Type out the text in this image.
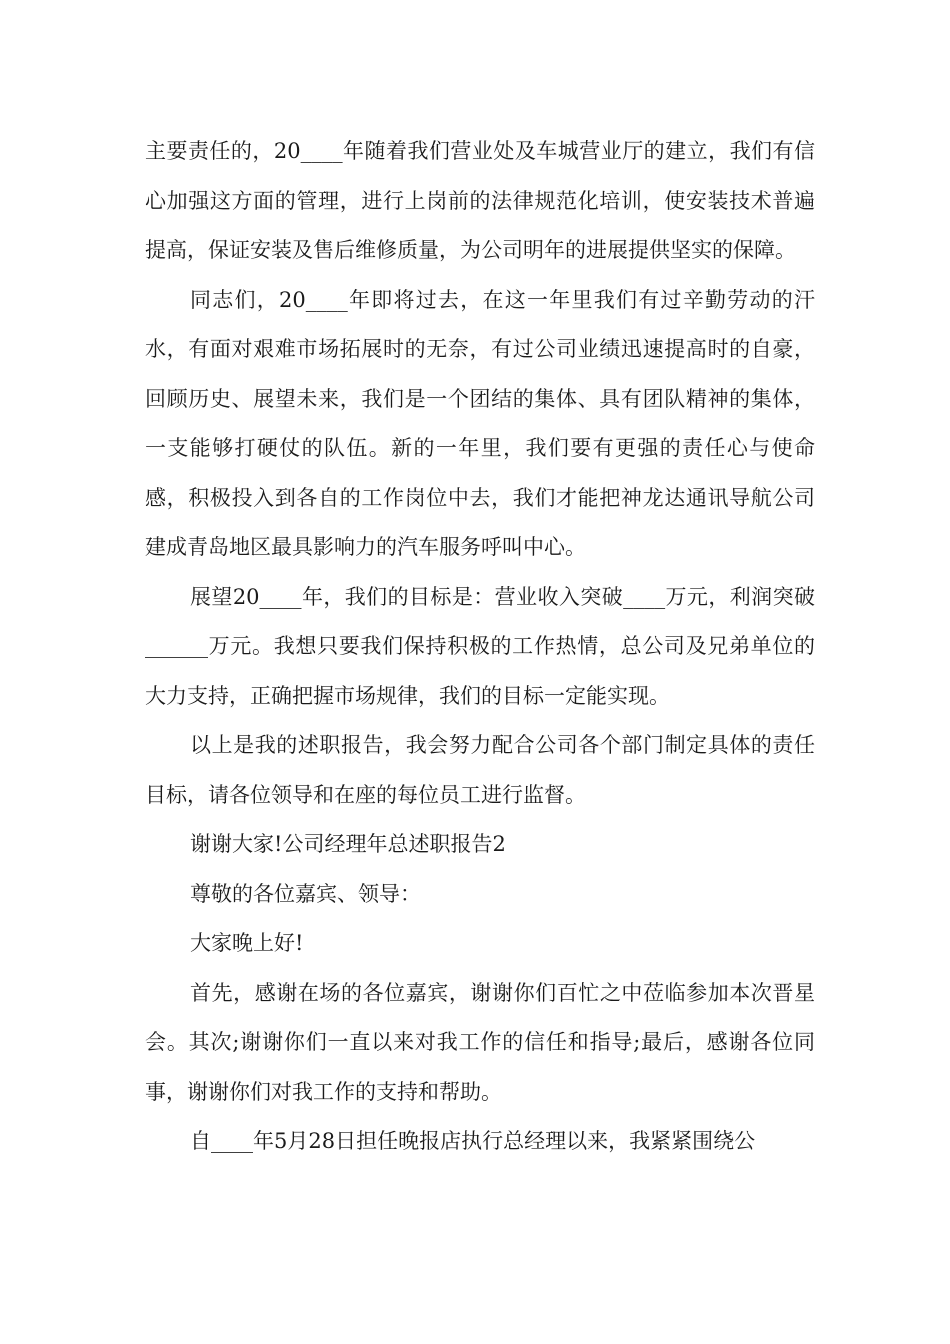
主要责任的，20____年随着我们营业处及车城营业厅的建立，我们有信心加强这方面的管理，进行上岗前的法律规范化培训，使安装技术普遍提高，保证安装及售后维修质量，为公司明年的进展提供坚实的保障。

同志们，20____年即将过去，在这一年里我们有过辛勤劳动的汗水，有面对艰难市场拓展时的无奈，有过公司业绩迅速提高时的自豪，回顾历史、展望未来，我们是一个团结的集体、具有团队精神的集体，一支能够打硬仗的队伍。新的一年里，我们要有更强的责任心与使命感，积极投入到各自的工作岗位中去，我们才能把神龙达通讯导航公司建成青岛地区最具影响力的汽车服务呼叫中心。

展望20____年，我们的目标是：营业收入突破____万元，利润突破______万元。我想只要我们保持积极的工作热情，总公司及兄弟单位的大力支持，正确把握市场规律，我们的目标一定能实现。

以上是我的述职报告，我会努力配合公司各个部门制定具体的责任目标，请各位领导和在座的每位员工进行监督。

谢谢大家!公司经理年总述职报告2

尊敬的各位嘉宾、领导：

大家晚上好!

首先，感谢在场的各位嘉宾，谢谢你们百忙之中莅临参加本次晋星会。其次;谢谢你们一直以来对我工作的信任和指导;最后，感谢各位同事，谢谢你们对我工作的支持和帮助。

自____年5月28日担任晚报店执行总经理以来，我紧紧围绕公
